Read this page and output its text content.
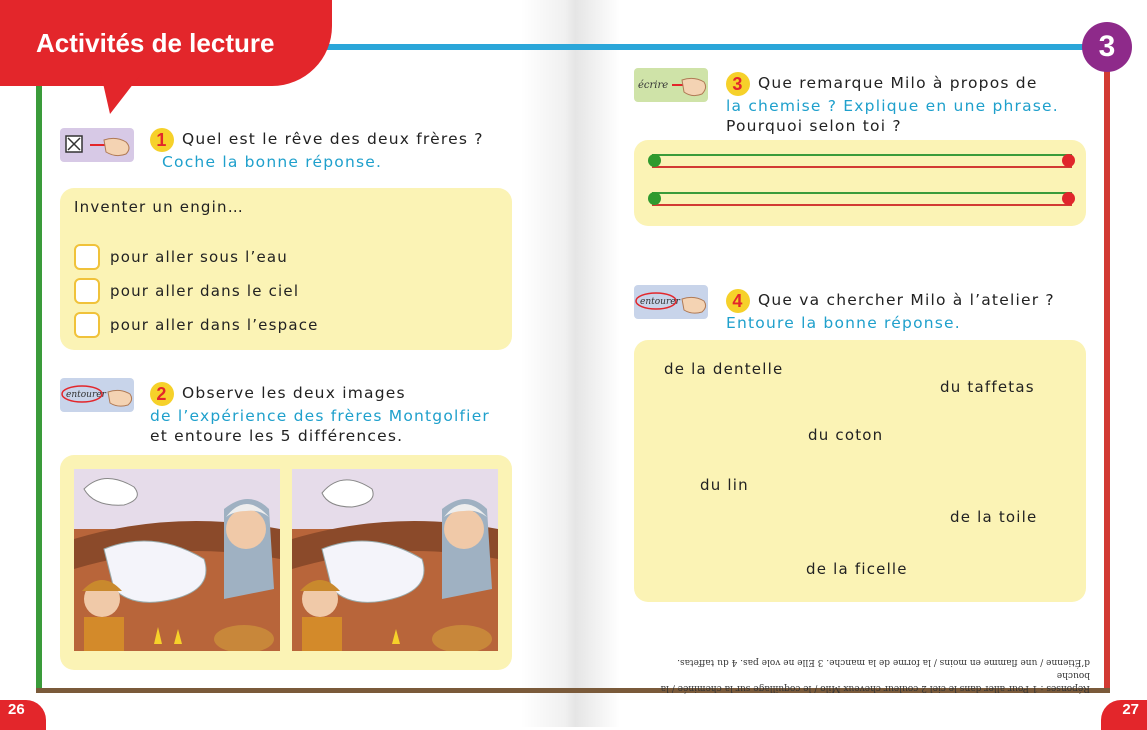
Activités de lecture	3
1 Quel est le rêve des deux frères ?
Coche la bonne réponse.
Inventer un engin…
pour aller sous l’eau
pour aller dans le ciel
pour aller dans l’espace
entourer	2 Observe les deux images
de l’expérience des frères Montgolfier
et entoure les 5 différences.
écrire	3 Que remarque Milo à propos de
la chemise ? Explique en une phrase.
Pourquoi selon toi ?
entourer	4 Que va chercher Milo à l’atelier ?
Entoure la bonne réponse.
de la dentelle
du taffetas
du coton
du lin
de la toile
de la ficelle
Réponses : 1 Pour aller dans le ciel 2 couleur cheveux Milo / le coquillage sur la cheminée / la bouche
d’Étienne / une flamme en moins / la forme de la manche. 3 Elle ne vole pas. 4 du taffetas.
26	27
